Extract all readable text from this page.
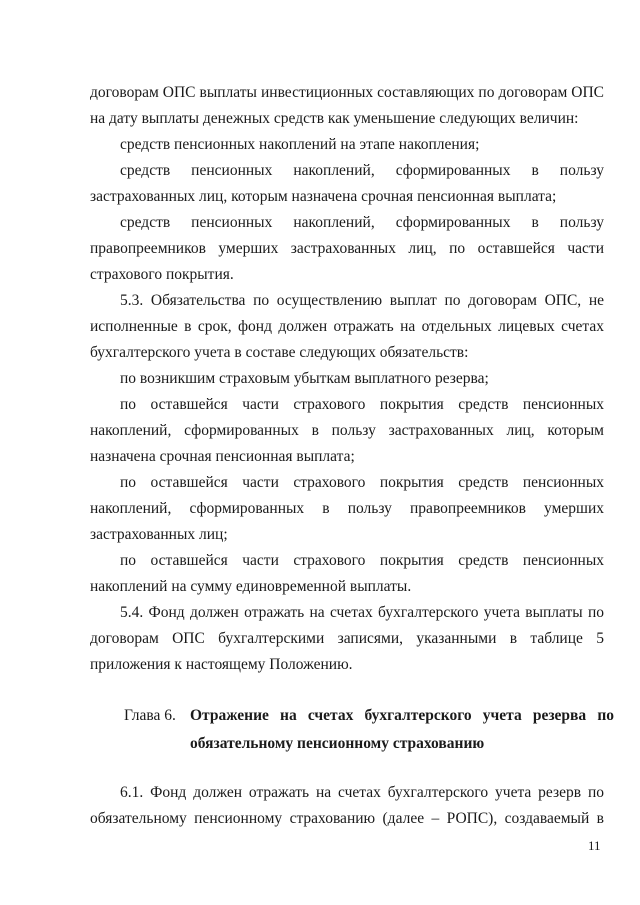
договорам ОПС выплаты инвестиционных составляющих по договорам ОПС на дату выплаты денежных средств как уменьшение следующих величин:

средств пенсионных накоплений на этапе накопления;

средств пенсионных накоплений, сформированных в пользу застрахованных лиц, которым назначена срочная пенсионная выплата;

средств пенсионных накоплений, сформированных в пользу правопреемников умерших застрахованных лиц, по оставшейся части страхового покрытия.

5.3. Обязательства по осуществлению выплат по договорам ОПС, не исполненные в срок, фонд должен отражать на отдельных лицевых счетах бухгалтерского учета в составе следующих обязательств:

по возникшим страховым убыткам выплатного резерва;

по оставшейся части страхового покрытия средств пенсионных накоплений, сформированных в пользу застрахованных лиц, которым назначена срочная пенсионная выплата;

по оставшейся части страхового покрытия средств пенсионных накоплений, сформированных в пользу правопреемников умерших застрахованных лиц;

по оставшейся части страхового покрытия средств пенсионных накоплений на сумму единовременной выплаты.

5.4. Фонд должен отражать на счетах бухгалтерского учета выплаты по договорам ОПС бухгалтерскими записями, указанными в таблице 5 приложения к настоящему Положению.

Глава 6. Отражение на счетах бухгалтерского учета резерва по
обязательному пенсионному страхованию

6.1. Фонд должен отражать на счетах бухгалтерского учета резерв по

обязательному пенсионному страхованию (далее – РОПС), создаваемый в

11
